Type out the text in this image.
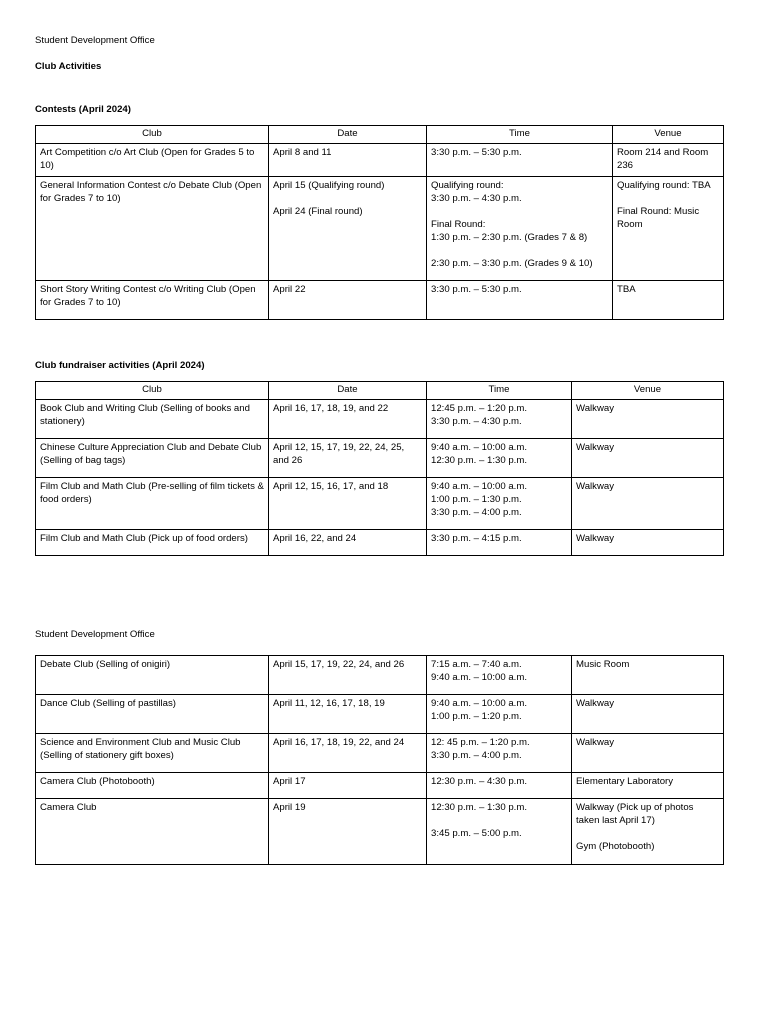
Student Development Office
Club Activities
Contests (April 2024)
Club	Date	Time	Venue

Art Competition c/o Art Club (Open for Grades 5 to 10)	April 8 and 11	3:30 p.m. – 5:30 p.m.	Room 214 and Room 236

General Information Contest c/o Debate Club (Open for Grades 7 to 10)	April 15 (Qualifying round)
April 24 (Final round)	Qualifying round:
3:30 p.m. – 4:30 p.m.
Final Round:
1:30 p.m. – 2:30 p.m. (Grades 7 & 8)
2:30 p.m. – 3:30 p.m. (Grades 9 & 10)	Qualifying round: TBA
Final Round: Music Room

Short Story Writing Contest c/o Writing Club (Open for Grades 7 to 10)	April 22	3:30 p.m. – 5:30 p.m.	TBA
Club fundraiser activities (April 2024)
Club	Date	Time	Venue

Book Club and Writing Club (Selling of books and stationery)	April 16, 17, 18, 19, and 22	12:45 p.m. – 1:20 p.m.
3:30 p.m. – 4:30 p.m.	Walkway

Chinese Culture Appreciation Club and Debate Club (Selling of bag tags)	April 12, 15, 17, 19, 22, 24, 25, and 26	9:40 a.m. – 10:00 a.m.
12:30 p.m. – 1:30 p.m.	Walkway

Film Club and Math Club (Pre-selling of film tickets & food orders)	April 12, 15, 16, 17, and 18	9:40 a.m. – 10:00 a.m.
1:00 p.m. – 1:30 p.m.
3:30 p.m. – 4:00 p.m.	Walkway

Film Club and Math Club (Pick up of food orders)	April 16, 22, and 24	3:30 p.m. – 4:15 p.m.	Walkway
Student Development Office
Debate Club (Selling of onigiri)	April 15, 17, 19, 22, 24, and 26	7:15 a.m. – 7:40 a.m.
9:40 a.m. – 10:00 a.m.	Music Room

Dance Club (Selling of pastillas)	April 11, 12, 16, 17, 18, 19	9:40 a.m. – 10:00 a.m.
1:00 p.m. – 1:20 p.m.	Walkway

Science and Environment Club and Music Club (Selling of stationery gift boxes)	April 16, 17, 18, 19, 22, and 24	12: 45 p.m. – 1:20 p.m.
3:30 p.m. – 4:00 p.m.	Walkway

Camera Club (Photobooth)	April 17	12:30 p.m. – 4:30 p.m.	Elementary Laboratory

Camera Club	April 19	12:30 p.m. – 1:30 p.m.
3:45 p.m. – 5:00 p.m.	Walkway (Pick up of photos taken last April 17)
Gym (Photobooth)
